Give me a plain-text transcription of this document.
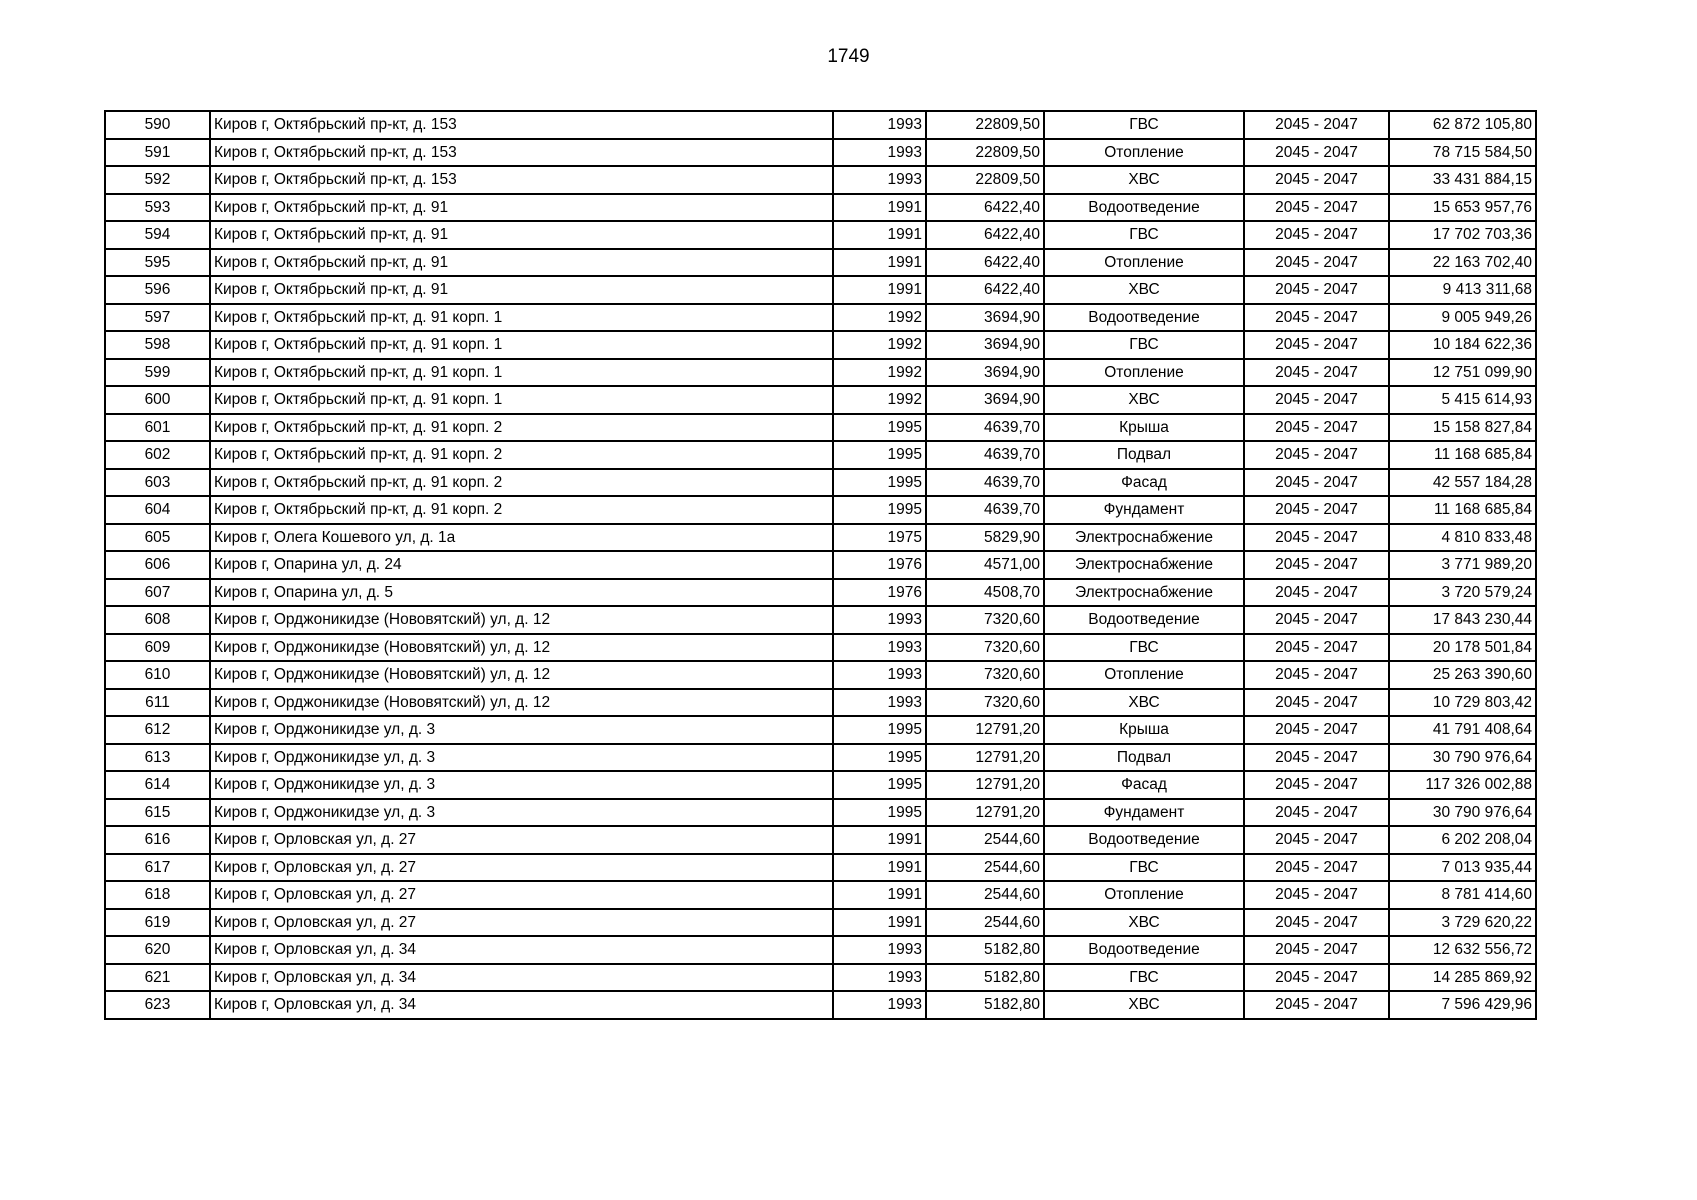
1749
590	Киров г, Октябрьский пр-кт, д. 153	1993	22809,50	ГВС	2045 - 2047	62 872 105,80
591	Киров г, Октябрьский пр-кт, д. 153	1993	22809,50	Отопление	2045 - 2047	78 715 584,50
592	Киров г, Октябрьский пр-кт, д. 153	1993	22809,50	ХВС	2045 - 2047	33 431 884,15
593	Киров г, Октябрьский пр-кт, д. 91	1991	6422,40	Водоотведение	2045 - 2047	15 653 957,76
594	Киров г, Октябрьский пр-кт, д. 91	1991	6422,40	ГВС	2045 - 2047	17 702 703,36
595	Киров г, Октябрьский пр-кт, д. 91	1991	6422,40	Отопление	2045 - 2047	22 163 702,40
596	Киров г, Октябрьский пр-кт, д. 91	1991	6422,40	ХВС	2045 - 2047	9 413 311,68
597	Киров г, Октябрьский пр-кт, д. 91 корп. 1	1992	3694,90	Водоотведение	2045 - 2047	9 005 949,26
598	Киров г, Октябрьский пр-кт, д. 91 корп. 1	1992	3694,90	ГВС	2045 - 2047	10 184 622,36
599	Киров г, Октябрьский пр-кт, д. 91 корп. 1	1992	3694,90	Отопление	2045 - 2047	12 751 099,90
600	Киров г, Октябрьский пр-кт, д. 91 корп. 1	1992	3694,90	ХВС	2045 - 2047	5 415 614,93
601	Киров г, Октябрьский пр-кт, д. 91 корп. 2	1995	4639,70	Крыша	2045 - 2047	15 158 827,84
602	Киров г, Октябрьский пр-кт, д. 91 корп. 2	1995	4639,70	Подвал	2045 - 2047	11 168 685,84
603	Киров г, Октябрьский пр-кт, д. 91 корп. 2	1995	4639,70	Фасад	2045 - 2047	42 557 184,28
604	Киров г, Октябрьский пр-кт, д. 91 корп. 2	1995	4639,70	Фундамент	2045 - 2047	11 168 685,84
605	Киров г, Олега Кошевого ул, д. 1а	1975	5829,90	Электроснабжение	2045 - 2047	4 810 833,48
606	Киров г, Опарина ул, д. 24	1976	4571,00	Электроснабжение	2045 - 2047	3 771 989,20
607	Киров г, Опарина ул, д. 5	1976	4508,70	Электроснабжение	2045 - 2047	3 720 579,24
608	Киров г, Орджоникидзе (Нововятский) ул, д. 12	1993	7320,60	Водоотведение	2045 - 2047	17 843 230,44
609	Киров г, Орджоникидзе (Нововятский) ул, д. 12	1993	7320,60	ГВС	2045 - 2047	20 178 501,84
610	Киров г, Орджоникидзе (Нововятский) ул, д. 12	1993	7320,60	Отопление	2045 - 2047	25 263 390,60
611	Киров г, Орджоникидзе (Нововятский) ул, д. 12	1993	7320,60	ХВС	2045 - 2047	10 729 803,42
612	Киров г, Орджоникидзе ул, д. 3	1995	12791,20	Крыша	2045 - 2047	41 791 408,64
613	Киров г, Орджоникидзе ул, д. 3	1995	12791,20	Подвал	2045 - 2047	30 790 976,64
614	Киров г, Орджоникидзе ул, д. 3	1995	12791,20	Фасад	2045 - 2047	117 326 002,88
615	Киров г, Орджоникидзе ул, д. 3	1995	12791,20	Фундамент	2045 - 2047	30 790 976,64
616	Киров г, Орловская ул, д. 27	1991	2544,60	Водоотведение	2045 - 2047	6 202 208,04
617	Киров г, Орловская ул, д. 27	1991	2544,60	ГВС	2045 - 2047	7 013 935,44
618	Киров г, Орловская ул, д. 27	1991	2544,60	Отопление	2045 - 2047	8 781 414,60
619	Киров г, Орловская ул, д. 27	1991	2544,60	ХВС	2045 - 2047	3 729 620,22
620	Киров г, Орловская ул, д. 34	1993	5182,80	Водоотведение	2045 - 2047	12 632 556,72
621	Киров г, Орловская ул, д. 34	1993	5182,80	ГВС	2045 - 2047	14 285 869,92
623	Киров г, Орловская ул, д. 34	1993	5182,80	ХВС	2045 - 2047	7 596 429,96
